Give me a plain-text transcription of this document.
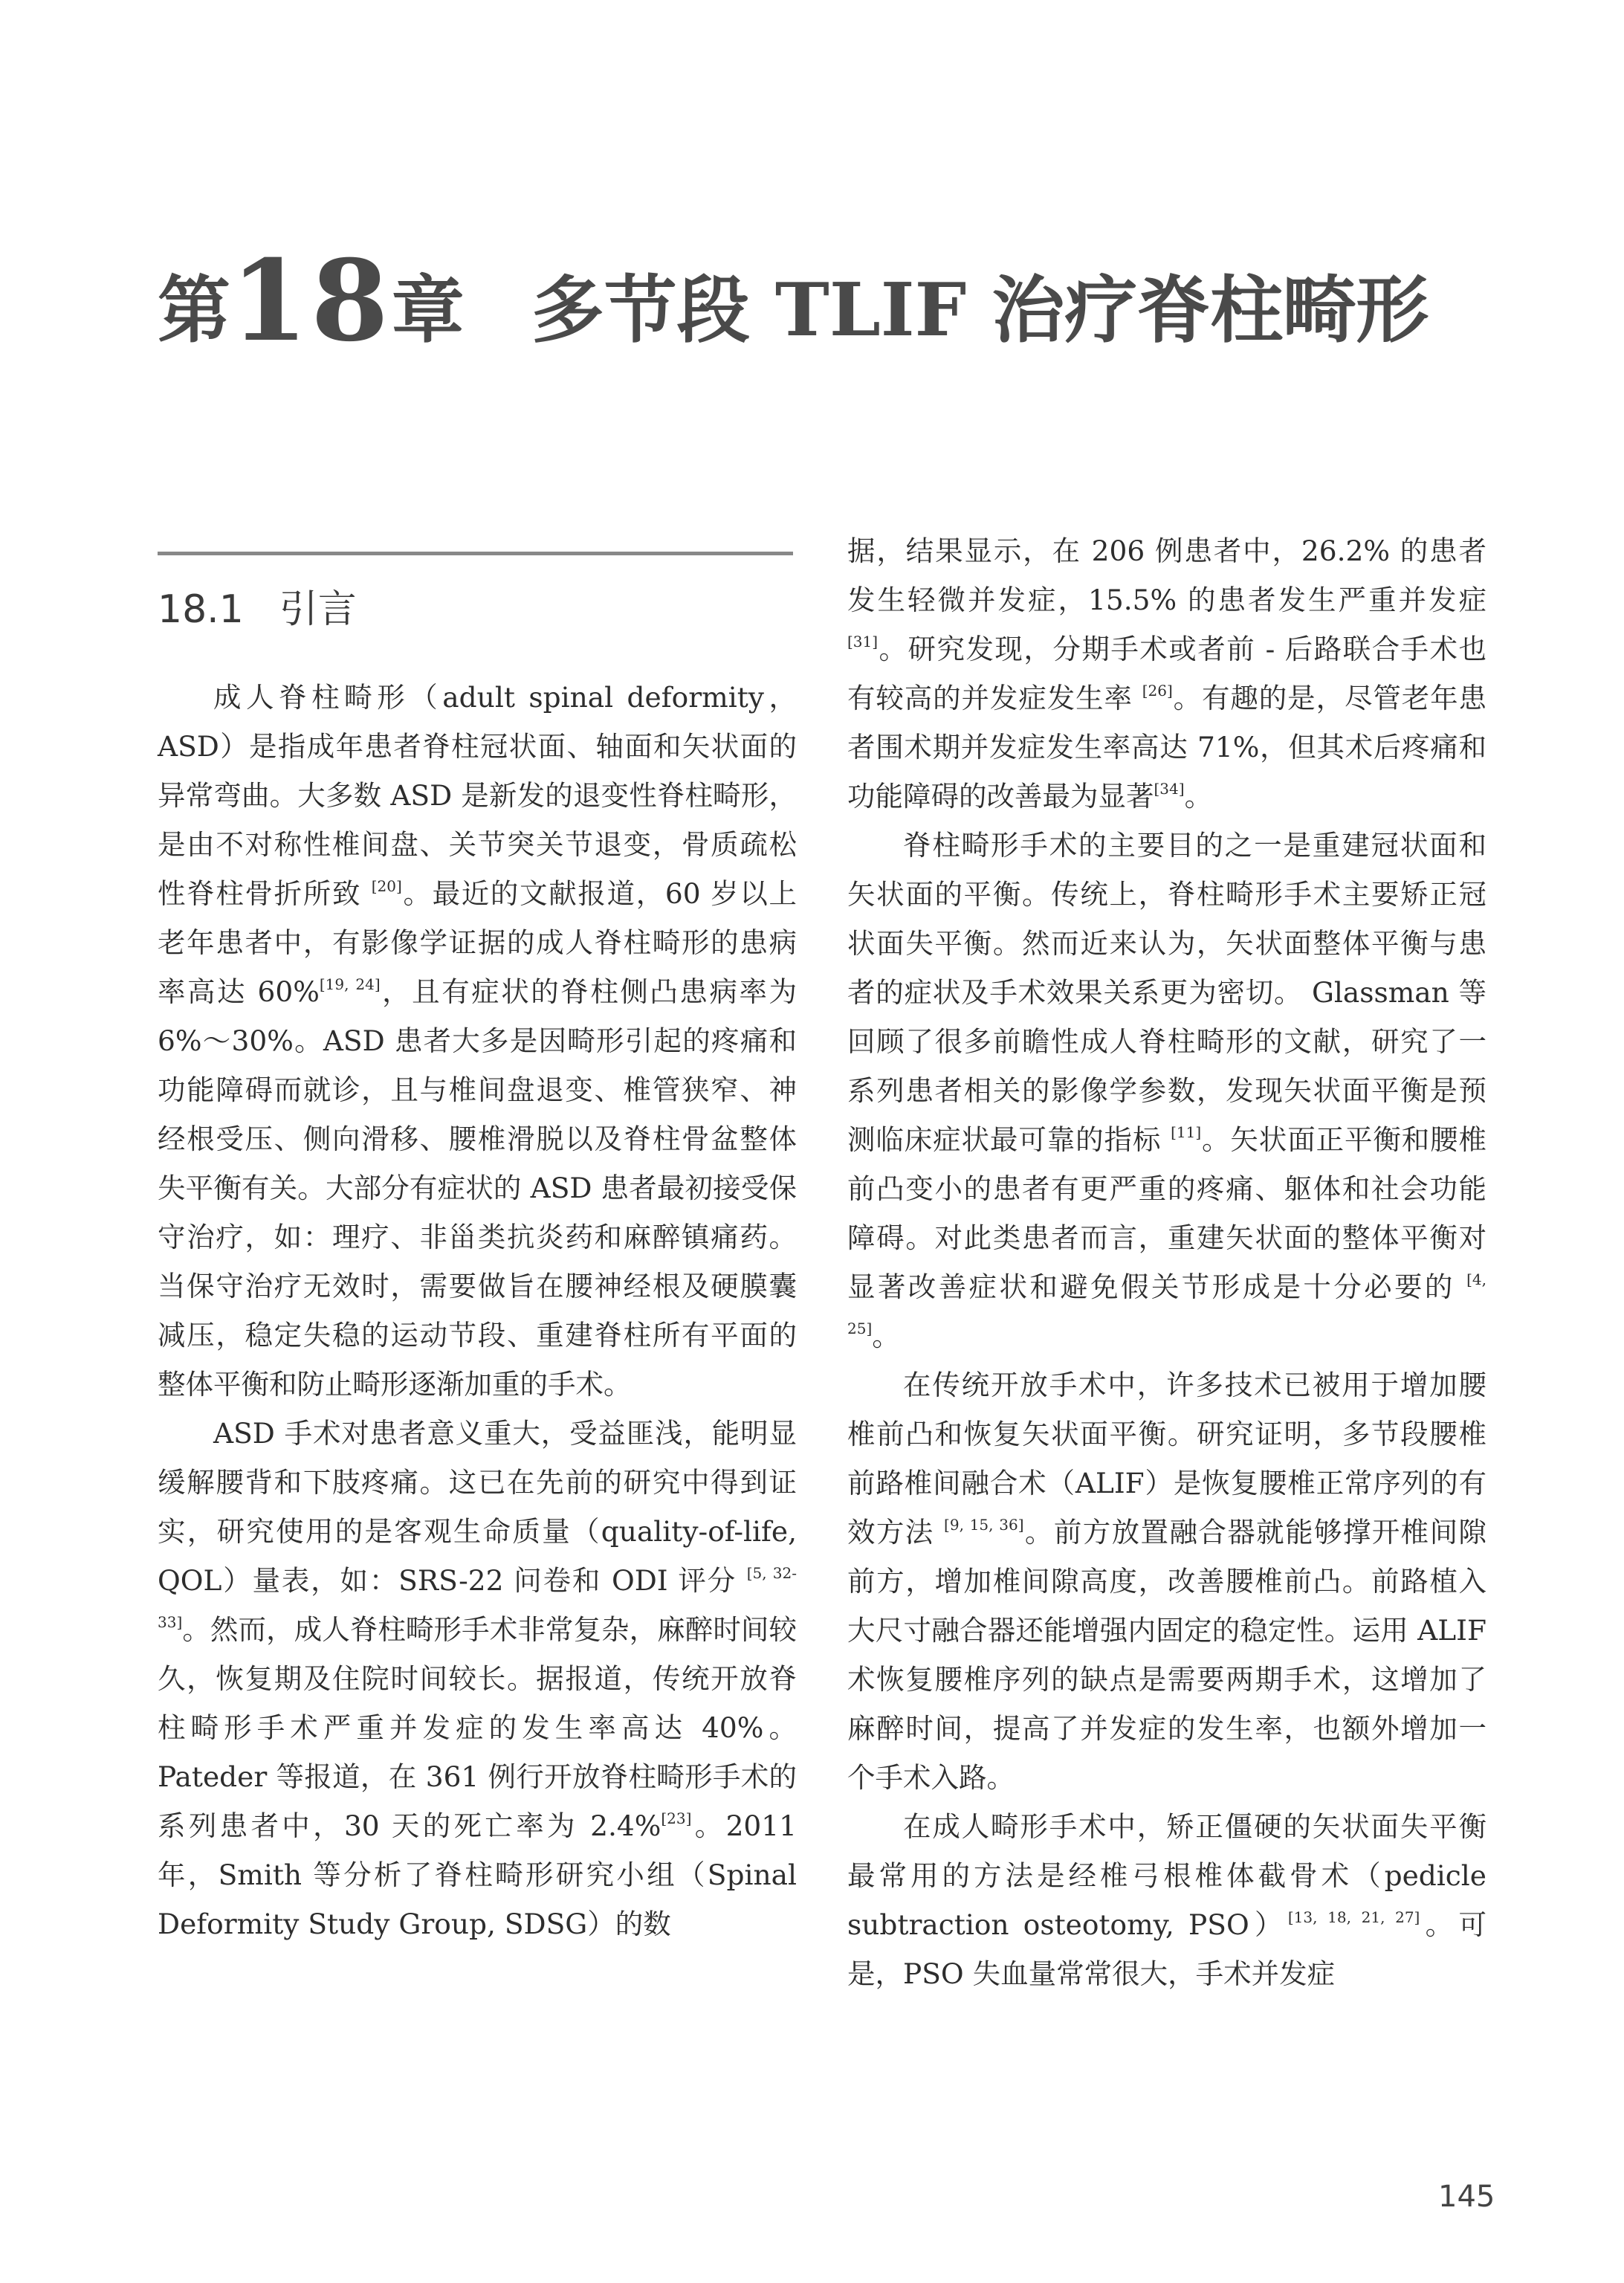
第18章 多节段 TLIF 治疗脊柱畸形
18.1 引言

成人脊柱畸形（adult spinal deformity，ASD）是指成年患者脊柱冠状面、轴面和矢状面的异常弯曲。大多数 ASD 是新发的退变性脊柱畸形，是由不对称性椎间盘、关节突关节退变，骨质疏松性脊柱骨折所致 [20]。最近的文献报道，60 岁以上老年患者中，有影像学证据的成人脊柱畸形的患病率高达 60%[19, 24]，且有症状的脊柱侧凸患病率为 6%～30%。ASD 患者大多是因畸形引起的疼痛和功能障碍而就诊，且与椎间盘退变、椎管狭窄、神经根受压、侧向滑移、腰椎滑脱以及脊柱骨盆整体失平衡有关。大部分有症状的 ASD 患者最初接受保守治疗，如：理疗、非甾类抗炎药和麻醉镇痛药。当保守治疗无效时，需要做旨在腰神经根及硬膜囊减压，稳定失稳的运动节段、重建脊柱所有平面的整体平衡和防止畸形逐渐加重的手术。

ASD 手术对患者意义重大，受益匪浅，能明显缓解腰背和下肢疼痛。这已在先前的研究中得到证实，研究使用的是客观生命质量（quality-of-life, QOL）量表，如：SRS-22 问卷和 ODI 评分 [5, 32-33]。然而，成人脊柱畸形手术非常复杂，麻醉时间较久，恢复期及住院时间较长。据报道，传统开放脊柱畸形手术严重并发症的发生率高达 40%。Pateder 等报道，在 361 例行开放脊柱畸形手术的系列患者中，30 天的死亡率为 2.4%[23]。2011 年，Smith 等分析了脊柱畸形研究小组（Spinal Deformity Study Group, SDSG）的数

据，结果显示，在 206 例患者中，26.2% 的患者发生轻微并发症，15.5% 的患者发生严重并发症 [31]。研究发现，分期手术或者前 - 后路联合手术也有较高的并发症发生率 [26]。有趣的是，尽管老年患者围术期并发症发生率高达 71%，但其术后疼痛和功能障碍的改善最为显著[34]。

脊柱畸形手术的主要目的之一是重建冠状面和矢状面的平衡。传统上，脊柱畸形手术主要矫正冠状面失平衡。然而近来认为，矢状面整体平衡与患者的症状及手术效果关系更为密切。 Glassman 等回顾了很多前瞻性成人脊柱畸形的文献，研究了一系列患者相关的影像学参数，发现矢状面平衡是预测临床症状最可靠的指标 [11]。矢状面正平衡和腰椎前凸变小的患者有更严重的疼痛、躯体和社会功能障碍。对此类患者而言，重建矢状面的整体平衡对显著改善症状和避免假关节形成是十分必要的 [4, 25]。

在传统开放手术中，许多技术已被用于增加腰椎前凸和恢复矢状面平衡。研究证明，多节段腰椎前路椎间融合术（ALIF）是恢复腰椎正常序列的有效方法 [9, 15, 36]。前方放置融合器就能够撑开椎间隙前方，增加椎间隙高度，改善腰椎前凸。前路植入大尺寸融合器还能增强内固定的稳定性。运用 ALIF 术恢复腰椎序列的缺点是需要两期手术，这增加了麻醉时间，提高了并发症的发生率，也额外增加一个手术入路。

在成人畸形手术中，矫正僵硬的矢状面失平衡最常用的方法是经椎弓根椎体截骨术（pedicle subtraction osteotomy, PSO）[13, 18, 21, 27]。可是，PSO 失血量常常很大，手术并发症

145
